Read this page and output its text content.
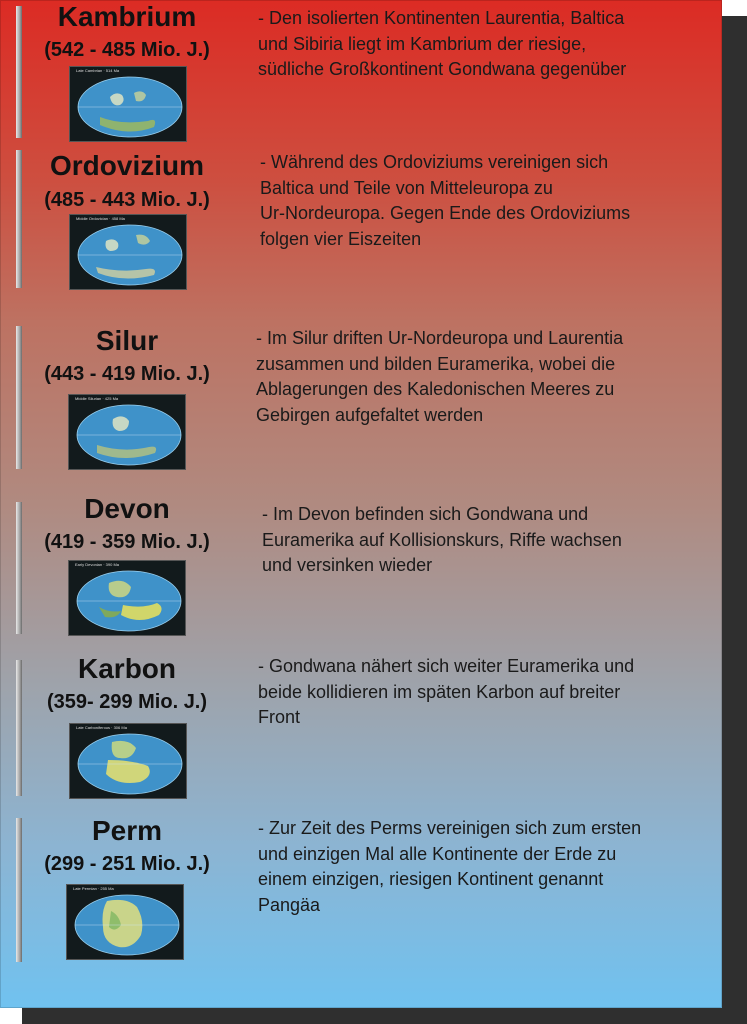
Kambrium
(542 - 485 Mio. J.)
Late Cambrian · 514 Ma
- Den isolierten Kontinenten Laurentia, Baltica
und Sibiria liegt im Kambrium der riesige,
südliche Großkontinent Gondwana gegenüber
Ordovizium
(485 - 443 Mio. J.)
Middle Ordovician · 458 Ma
- Während des Ordoviziums vereinigen sich
Baltica und Teile von Mitteleuropa zu
Ur-Nordeuropa. Gegen Ende des Ordoviziums
folgen vier Eiszeiten
Silur
(443 - 419 Mio. J.)
Middle Silurian · 425 Ma
- Im Silur driften Ur-Nordeuropa und Laurentia
zusammen und bilden Euramerika, wobei die
Ablagerungen des Kaledonischen Meeres zu
Gebirgen aufgefaltet werden
Devon
(419 - 359 Mio. J.)
Early Devonian · 390 Ma
- Im Devon befinden sich Gondwana und
Euramerika auf Kollisionskurs, Riffe wachsen
und versinken wieder
Karbon
(359- 299 Mio. J.)
Late Carboniferous · 306 Ma
- Gondwana nähert sich weiter Euramerika und
beide kollidieren im späten Karbon auf breiter
Front
Perm
(299 - 251 Mio. J.)
Late Permian · 255 Ma
- Zur Zeit des Perms vereinigen sich zum ersten
und einzigen Mal alle Kontinente der Erde zu
einem einzigen, riesigen Kontinent genannt
Pangäa
